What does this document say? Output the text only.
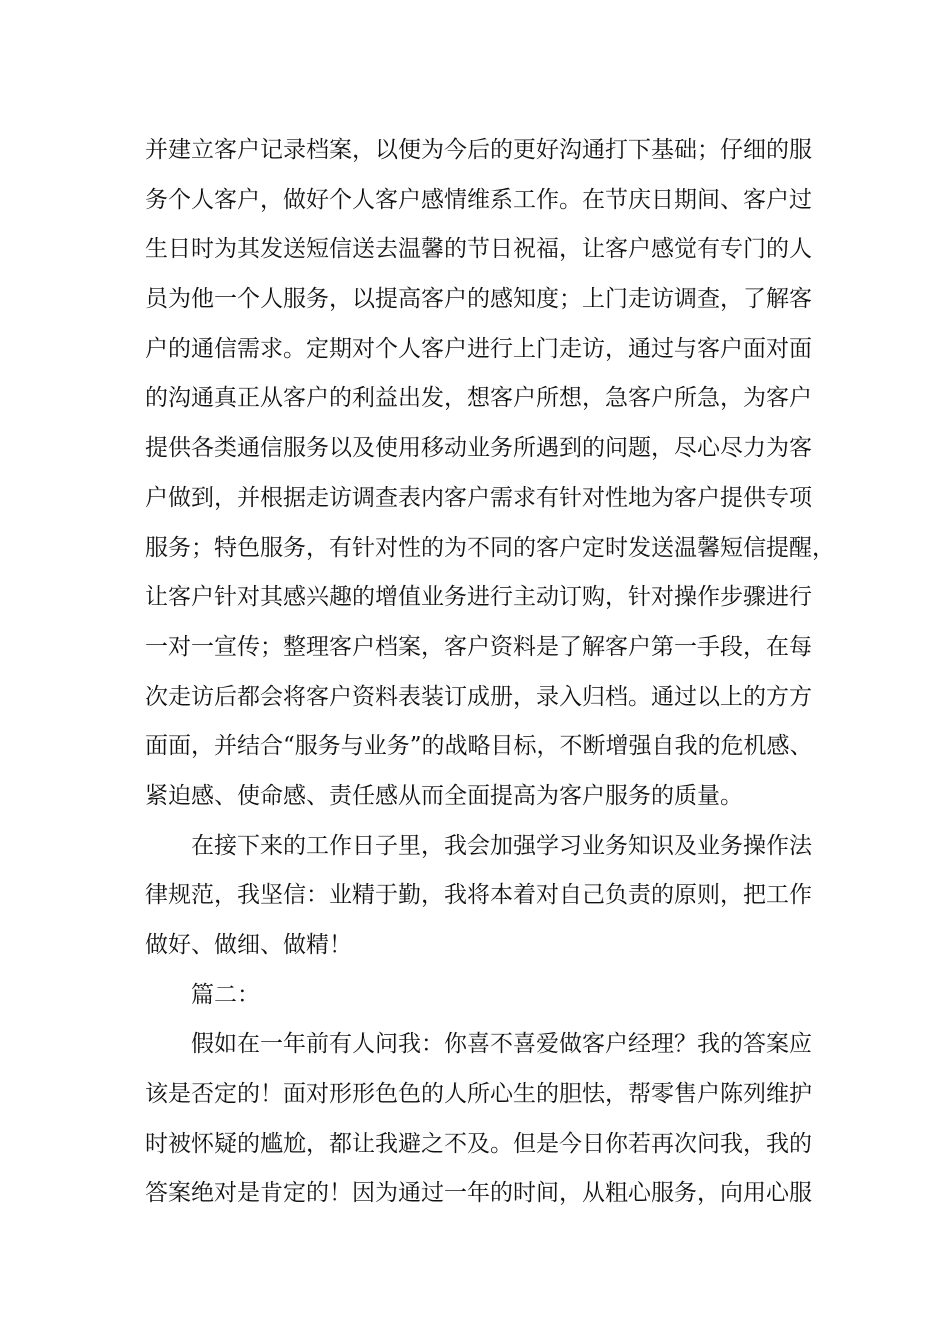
并建立客户记录档案，以便为今后的更好沟通打下基础；仔细的服
务个人客户，做好个人客户感情维系工作。在节庆日期间、客户过
生日时为其发送短信送去温馨的节日祝福，让客户感觉有专门的人
员为他一个人服务，以提高客户的感知度；上门走访调查，了解客
户的通信需求。定期对个人客户进行上门走访，通过与客户面对面
的沟通真正从客户的利益出发，想客户所想，急客户所急，为客户
提供各类通信服务以及使用移动业务所遇到的问题，尽心尽力为客
户做到，并根据走访调查表内客户需求有针对性地为客户提供专项
服务；特色服务，有针对性的为不同的客户定时发送温馨短信提醒，
让客户针对其感兴趣的增值业务进行主动订购，针对操作步骤进行
一对一宣传；整理客户档案，客户资料是了解客户第一手段，在每
次走访后都会将客户资料表装订成册，录入归档。通过以上的方方
面面，并结合“服务与业务”的战略目标，不断增强自我的危机感、
紧迫感、使命感、责任感从而全面提高为客户服务的质量。
在接下来的工作日子里，我会加强学习业务知识及业务操作法
律规范，我坚信：业精于勤，我将本着对自己负责的原则，把工作
做好、做细、做精！
篇二：
假如在一年前有人问我：你喜不喜爱做客户经理？我的答案应
该是否定的！面对形形色色的人所心生的胆怯，帮零售户陈列维护
时被怀疑的尴尬，都让我避之不及。但是今日你若再次问我，我的
答案绝对是肯定的！因为通过一年的时间，从粗心服务，向用心服
